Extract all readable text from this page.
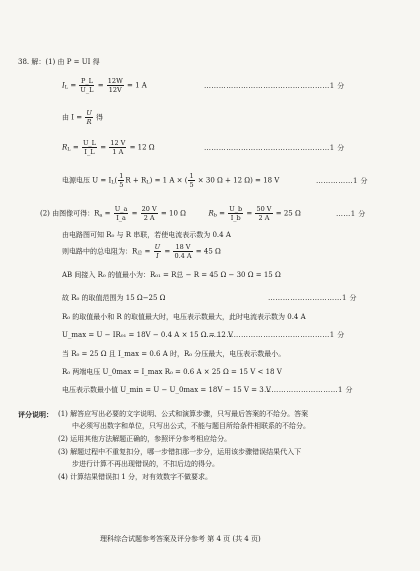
38. 解：(1) 由 P = UI 得
$I_L = \frac{P\_L}{U\_L} = \frac{12W}{12V} = 1$ A	……………………………………………1 分
由 $I = \frac{U}{R}$ 得
$R_L = \frac{U\_L}{I\_L} = \frac{12 V}{1 A} = 12$ Ω	……………………………………………1 分
电源电压 $U = I_L( \frac{1}{5}$ $R + R_L) = 1$ A × ( $\frac{1}{5} \times 30$ Ω + 12 Ω) = 18 V	……………1 分
(2) 由图像可得：$R_a = \frac{U\_a}{I\_a} = \frac{20 V}{2 A} = 10$ Ω	$R_b = \frac{U\_b}{I\_b} = \frac{50 V}{2 A} = 25$ Ω	……1 分
由电路图可知 R₀ 与 R 串联，若使电流表示数为 0.4 A
则电路中的总电阻为：$R_总 = \frac{U}{I} = \frac{18 V}{0.4 A} = 45$ Ω
AB 间接入 R₀ 的值最小为：R₀₁ = R总 − R = 45 Ω − 30 Ω = 15 Ω
故 R₀ 的取值范围为 15 Ω−25 Ω	…………………………1 分
R₀ 的取值最小和 R 的取值最大时，电压表示数最大，此时电流表示数为 0.4 A
U_max = U − IR₀₁ = 18V − 0.4 A × 15 Ω = 12 V
……………………………………………1 分
当 R₀ = 25 Ω 且 I_max = 0.6 A 时，R₀ 分压最大，电压表示数最小。
R₀ 两端电压 U_0max = I_max R₀ = 0.6 A × 25 Ω = 15 V < 18 V
电压表示数最小值 U_min = U − U_0max = 18V − 15 V = 3 V
…………………………1 分
评分说明： (1) 解答应写出必要的文字说明、公式和演算步骤，只写最后答案的不给分。答案
中必须写出数字和单位，只写出公式，不能与题目所给条件相联系的不给分。
(2) 运用其他方法解题正确的，参照评分参考相应给分。
(3) 解题过程中不重复扣分，哪一步错扣那一步分，运用该步骤错误结果代入下
步进行计算不再出现错误的，不扣后边的得分。
(4) 计算结果错误扣 1 分，对有效数字不做要求。
理科综合试题参考答案及评分参考 第 4 页 (共 4 页)
